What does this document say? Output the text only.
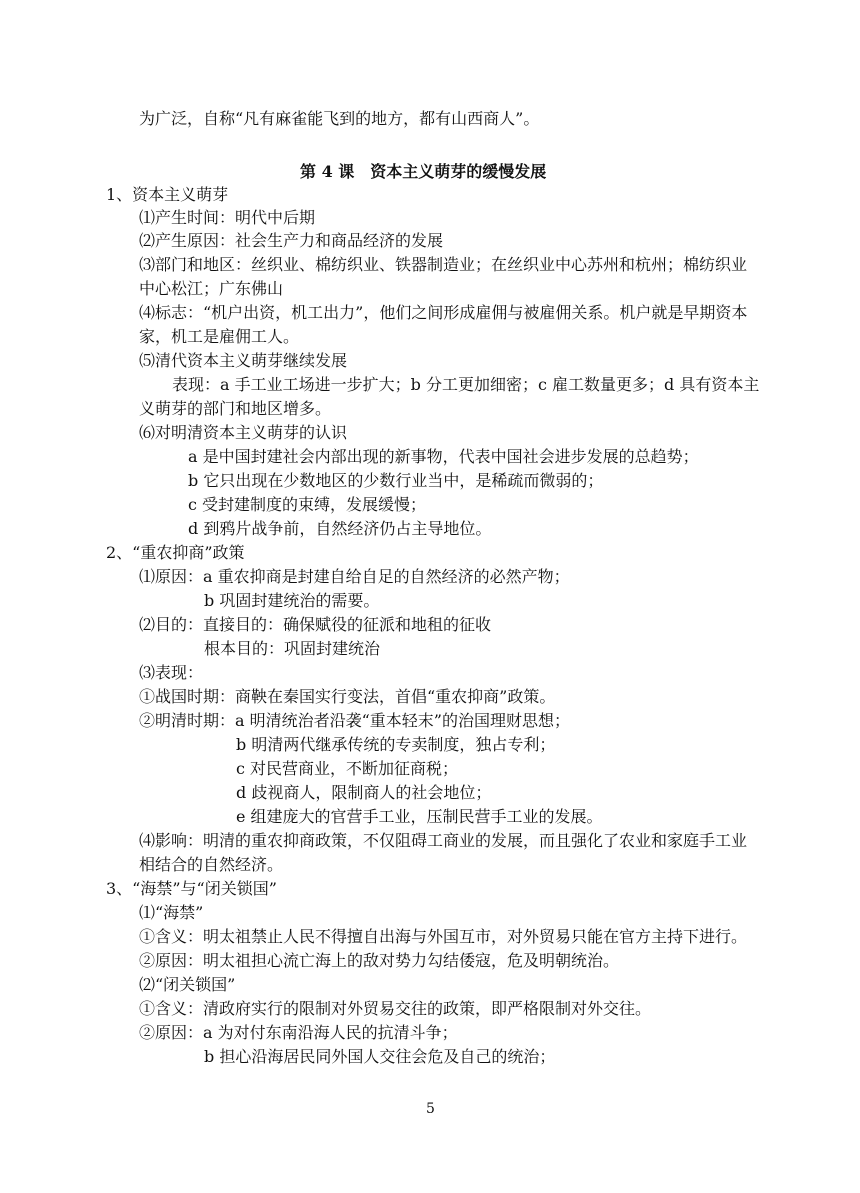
为广泛，自称“凡有麻雀能飞到的地方，都有山西商人”。
第 4 课　资本主义萌芽的缓慢发展
1、资本主义萌芽
⑴产生时间：明代中后期
⑵产生原因：社会生产力和商品经济的发展
⑶部门和地区：丝织业、棉纺织业、铁器制造业；在丝织业中心苏州和杭州；棉纺织业
中心松江；广东佛山
⑷标志：“机户出资，机工出力”，他们之间形成雇佣与被雇佣关系。机户就是早期资本
家，机工是雇佣工人。
⑸清代资本主义萌芽继续发展
表现：a 手工业工场进一步扩大；b 分工更加细密；c 雇工数量更多；d 具有资本主
义萌芽的部门和地区增多。
⑹对明清资本主义萌芽的认识
a 是中国封建社会内部出现的新事物，代表中国社会进步发展的总趋势；
b 它只出现在少数地区的少数行业当中，是稀疏而微弱的；
c 受封建制度的束缚，发展缓慢；
d 到鸦片战争前，自然经济仍占主导地位。
2、“重农抑商”政策
⑴原因：a 重农抑商是封建自给自足的自然经济的必然产物；
b 巩固封建统治的需要。
⑵目的：直接目的：确保赋役的征派和地租的征收
根本目的：巩固封建统治
⑶表现：
①战国时期：商鞅在秦国实行变法，首倡“重农抑商”政策。
②明清时期：a 明清统治者沿袭“重本轻末”的治国理财思想；
b 明清两代继承传统的专卖制度，独占专利；
c 对民营商业，不断加征商税；
d 歧视商人，限制商人的社会地位；
e 组建庞大的官营手工业，压制民营手工业的发展。
⑷影响：明清的重农抑商政策，不仅阻碍工商业的发展，而且强化了农业和家庭手工业
相结合的自然经济。
3、“海禁”与“闭关锁国”
⑴“海禁”
①含义：明太祖禁止人民不得擅自出海与外国互市，对外贸易只能在官方主持下进行。
②原因：明太祖担心流亡海上的敌对势力勾结倭寇，危及明朝统治。
⑵“闭关锁国”
①含义：清政府实行的限制对外贸易交往的政策，即严格限制对外交往。
②原因：a 为对付东南沿海人民的抗清斗争；
b 担心沿海居民同外国人交往会危及自己的统治；
5
